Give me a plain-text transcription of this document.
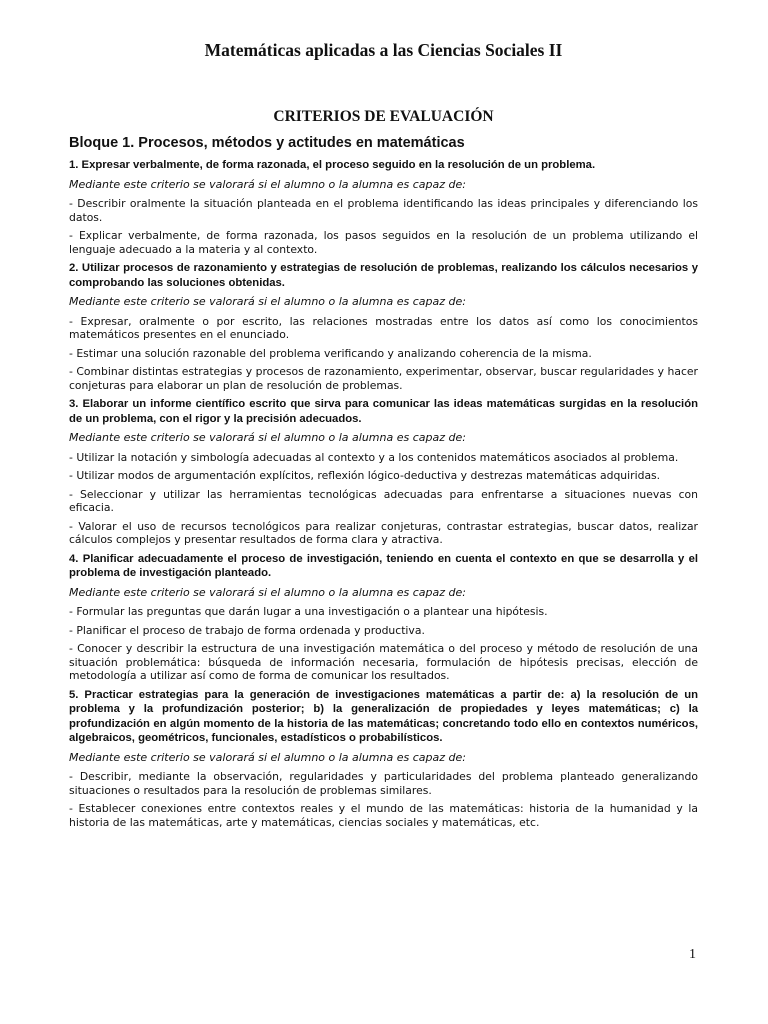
Matemáticas aplicadas a las Ciencias Sociales II
CRITERIOS DE EVALUACIÓN
Bloque 1. Procesos, métodos y actitudes en matemáticas

1. Expresar verbalmente, de forma razonada, el proceso seguido en la resolución de un problema.

Mediante este criterio se valorará si el alumno o la alumna es capaz de:

- Describir oralmente la situación planteada en el problema identificando las ideas principales y diferenciando los datos.

- Explicar verbalmente, de forma razonada, los pasos seguidos en la resolución de un problema utilizando el lenguaje adecuado a la materia y al contexto.

2. Utilizar procesos de razonamiento y estrategias de resolución de problemas, realizando los cálculos necesarios y comprobando las soluciones obtenidas.

Mediante este criterio se valorará si el alumno o la alumna es capaz de:

- Expresar, oralmente o por escrito, las relaciones mostradas entre los datos así como los conocimientos matemáticos presentes en el enunciado.

- Estimar una solución razonable del problema verificando y analizando coherencia de la misma.

- Combinar distintas estrategias y procesos de razonamiento, experimentar, observar, buscar regularidades y hacer conjeturas para elaborar un plan de resolución de problemas.

3. Elaborar un informe científico escrito que sirva para comunicar las ideas matemáticas surgidas en la resolución de un problema, con el rigor y la precisión adecuados.

Mediante este criterio se valorará si el alumno o la alumna es capaz de:

- Utilizar la notación y simbología adecuadas al contexto y a los contenidos matemáticos asociados al problema.

- Utilizar modos de argumentación explícitos, reflexión lógico-deductiva y destrezas matemáticas adquiridas.

- Seleccionar y utilizar las herramientas tecnológicas adecuadas para enfrentarse a situaciones nuevas con eficacia.

- Valorar el uso de recursos tecnológicos para realizar conjeturas, contrastar estrategias, buscar datos, realizar cálculos complejos y presentar resultados de forma clara y atractiva.

4. Planificar adecuadamente el proceso de investigación, teniendo en cuenta el contexto en que se desarrolla y el problema de investigación planteado.

Mediante este criterio se valorará si el alumno o la alumna es capaz de:

- Formular las preguntas que darán lugar a una investigación o a plantear una hipótesis.

- Planificar el proceso de trabajo de forma ordenada y productiva.

- Conocer y describir la estructura de una investigación matemática o del proceso y método de resolución de una situación problemática: búsqueda de información necesaria, formulación de hipótesis precisas, elección de metodología a utilizar así como de forma de comunicar los resultados.

5. Practicar estrategias para la generación de investigaciones matemáticas a partir de: a) la resolución de un problema y la profundización posterior; b) la generalización de propiedades y leyes matemáticas; c) la profundización en algún momento de la historia de las matemáticas; concretando todo ello en contextos numéricos, algebraicos, geométricos, funcionales, estadísticos o probabilísticos.

Mediante este criterio se valorará si el alumno o la alumna es capaz de:

- Describir, mediante la observación, regularidades y particularidades del problema planteado generalizando situaciones o resultados para la resolución de problemas similares.

- Establecer conexiones entre contextos reales y el mundo de las matemáticas: historia de la humanidad y la historia de las matemáticas, arte y matemáticas, ciencias sociales y matemáticas, etc.

1
